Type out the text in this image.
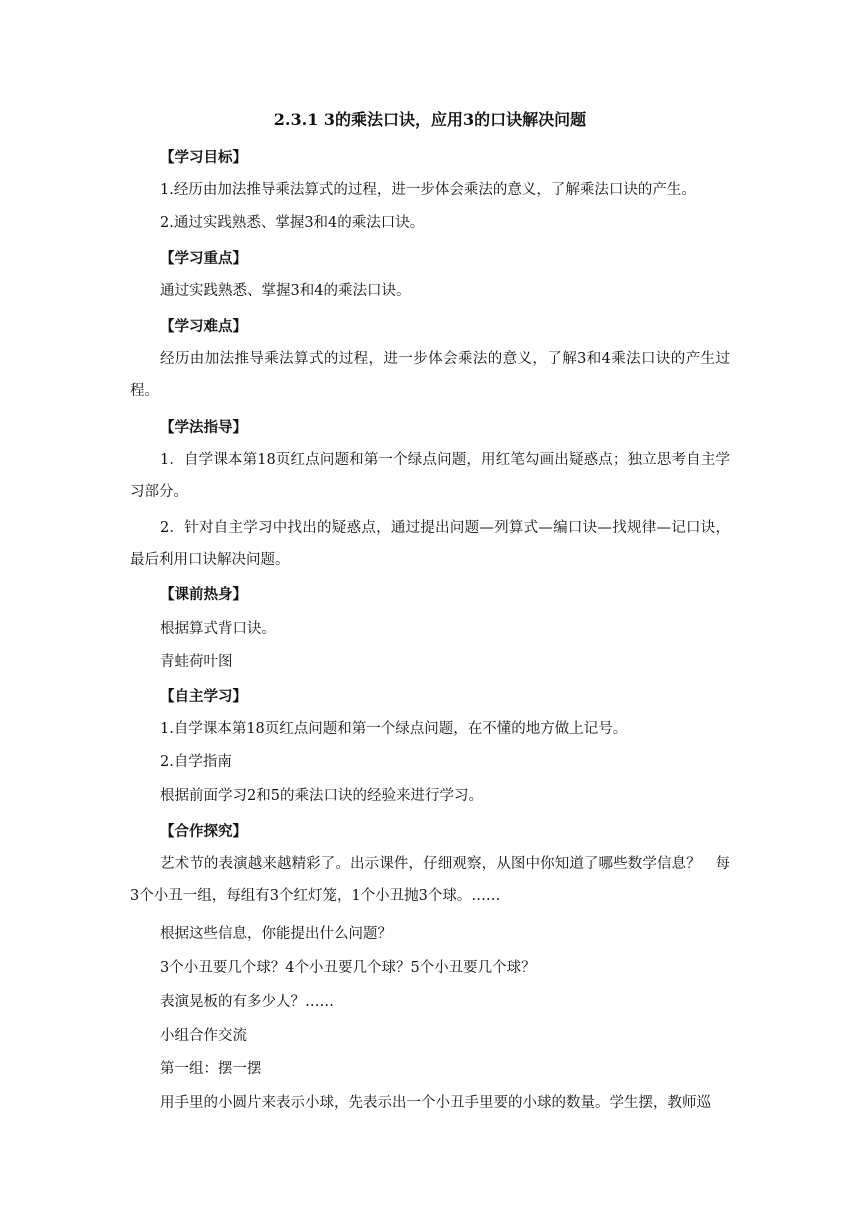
2.3.1 3的乘法口诀，应用3的口诀解决问题
【学习目标】
1.经历由加法推导乘法算式的过程，进一步体会乘法的意义，了解乘法口诀的产生。
2.通过实践熟悉、掌握3和4的乘法口诀。
【学习重点】
通过实践熟悉、掌握3和4的乘法口诀。
【学习难点】
经历由加法推导乘法算式的过程，进一步体会乘法的意义，了解3和4乘法口诀的产生过程。
【学法指导】
1．自学课本第18页红点问题和第一个绿点问题，用红笔勾画出疑惑点；独立思考自主学习部分。
2．针对自主学习中找出的疑惑点，通过提出问题—列算式—编口诀—找规律—记口诀，最后利用口诀解决问题。
【课前热身】
根据算式背口诀。
青蛙荷叶图
【自主学习】
1.自学课本第18页红点问题和第一个绿点问题，在不懂的地方做上记号。
2.自学指南
根据前面学习2和5的乘法口诀的经验来进行学习。
【合作探究】
艺术节的表演越来越精彩了。出示课件，仔细观察，从图中你知道了哪些数学信息？　每3个小丑一组，每组有3个红灯笼，1个小丑抛3个球。……
根据这些信息，你能提出什么问题？
3个小丑要几个球？4个小丑要几个球？5个小丑要几个球？
表演晃板的有多少人？……
小组合作交流
第一组：摆一摆
用手里的小圆片来表示小球，先表示出一个小丑手里要的小球的数量。学生摆，教师巡
